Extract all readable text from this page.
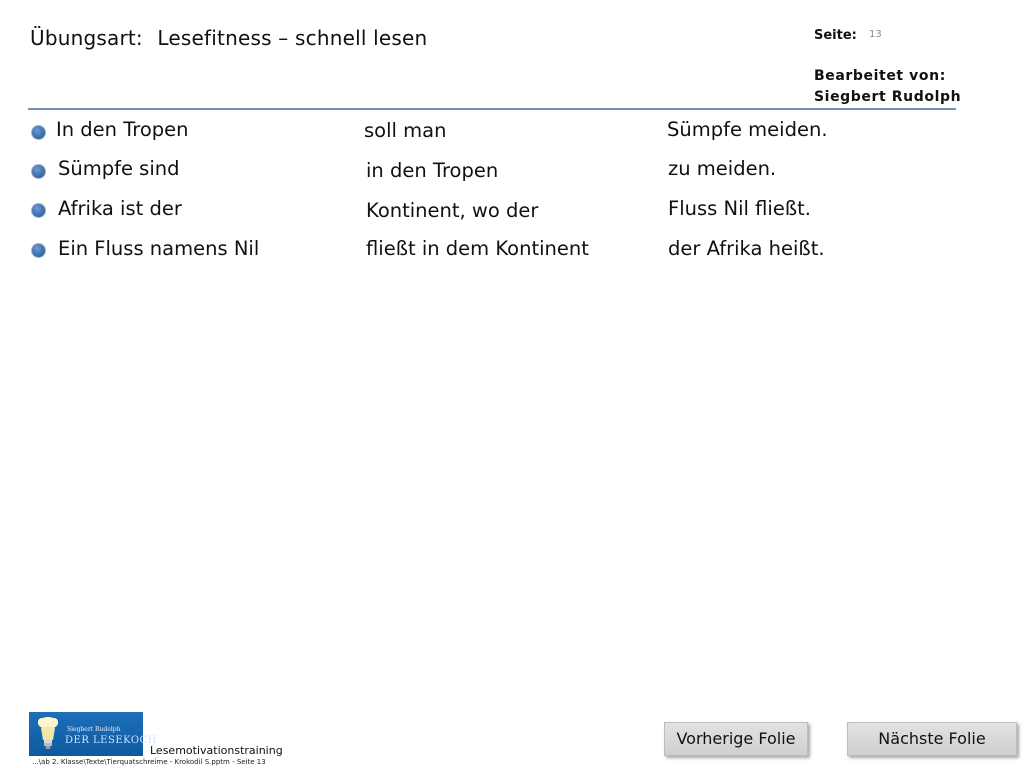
Übungsart: Lesefitness – schnell lesen	Seite: 13
Bearbeitet von:
Siegbert Rudolph
In den Tropen	soll man	Sümpfe meiden.
Sümpfe sind	in den Tropen	zu meiden.
Afrika ist der	Kontinent, wo der	Fluss Nil fließt.
Ein Fluss namens Nil	fließt in dem Kontinent	der Afrika heißt.
Siegbert Rudolph
DER LESEKOCH
Lesemotivationstraining
...\ab 2. Klasse\Texte\Tierquatschreime - Krokodil S.pptm - Seite 13
Vorherige Folie	Nächste Folie
